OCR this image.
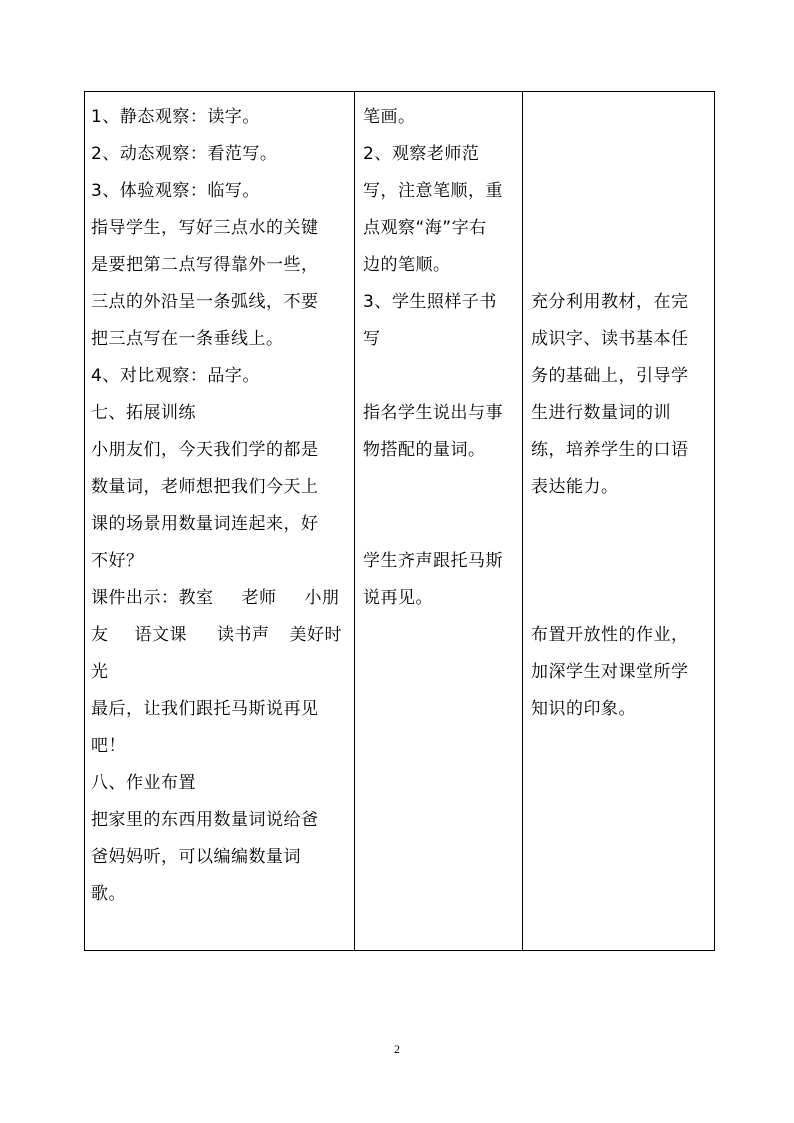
1、静态观察：读字。
2、动态观察：看范写。
3、体验观察：临写。
指导学生，写好三点水的关键
是要把第二点写得靠外一些，
三点的外沿呈一条弧线，不要
把三点写在一条垂线上。
4、对比观察：品字。
七、拓展训练
小朋友们，今天我们学的都是
数量词，老师想把我们今天上
课的场景用数量词连起来，好
不好？
课件出示：教室 老师 小朋
友 语文课 读书声 美好时
光
最后，让我们跟托马斯说再见
吧！
八、作业布置
把家里的东西用数量词说给爸
爸妈妈听，可以编编数量词
歌。
笔画。
2、观察老师范
写，注意笔顺，重
点观察“海”字右
边的笔顺。
3、学生照样子书
写
指名学生说出与事
物搭配的量词。
学生齐声跟托马斯
说再见。
充分利用教材，在完
成识字、读书基本任
务的基础上，引导学
生进行数量词的训
练，培养学生的口语
表达能力。
布置开放性的作业，
加深学生对课堂所学
知识的印象。
2
